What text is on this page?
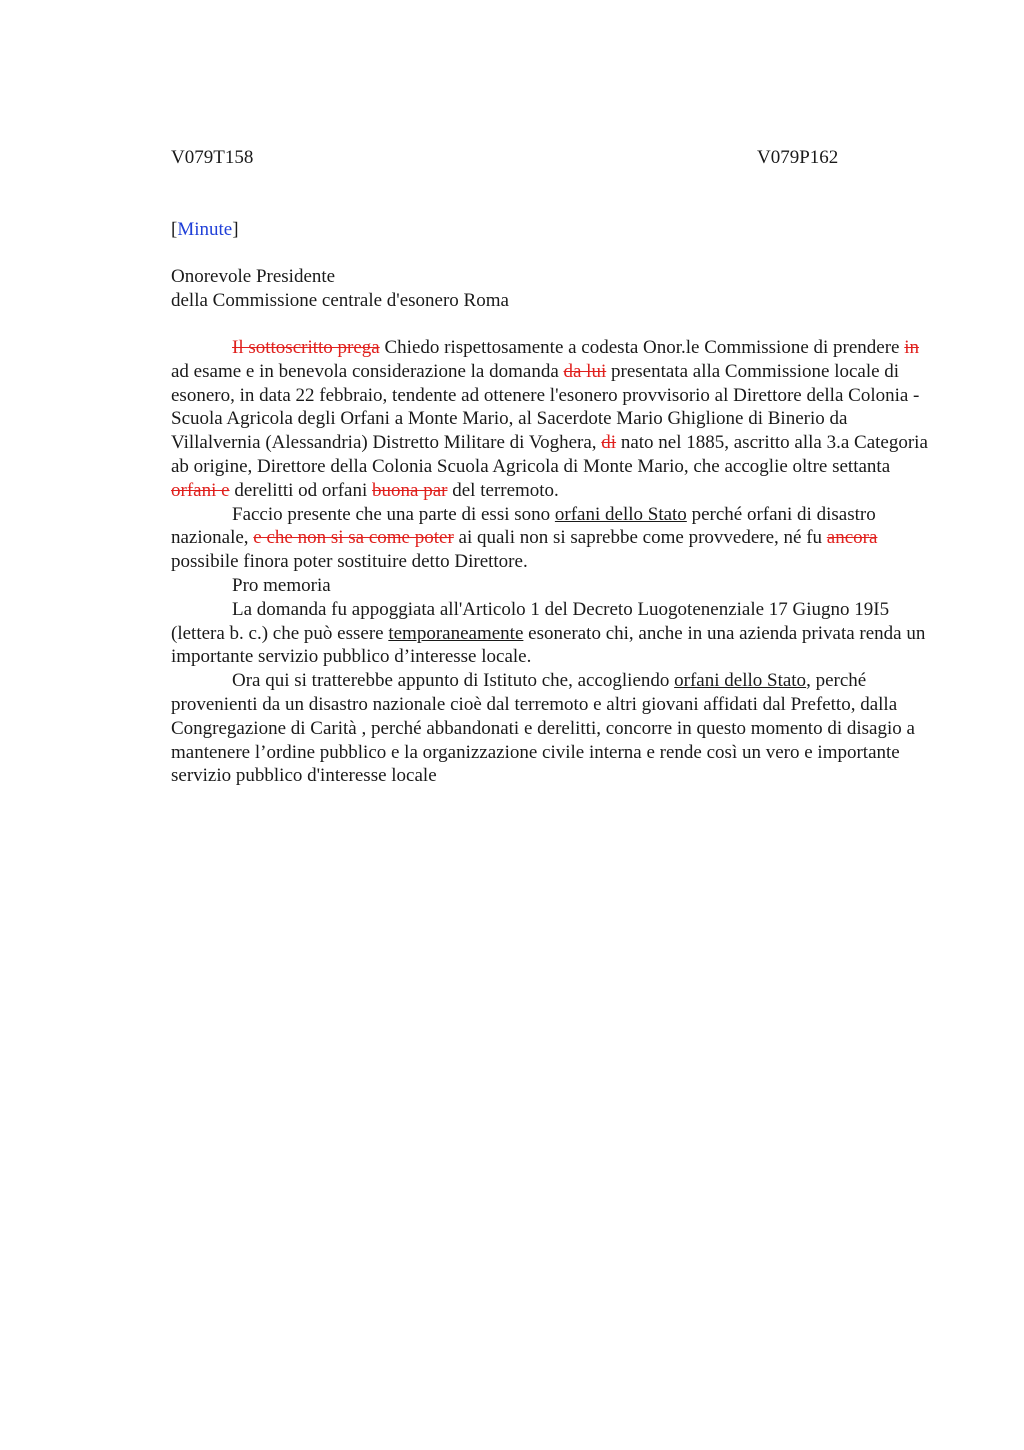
V079T158	V079P162
[Minute]
Onorevole Presidente
della Commissione centrale d'esonero Roma

Il sottoscritto prega Chiedo rispettosamente a codesta Onor.le Commissione di prendere in ad esame e in benevola considerazione la domanda da lui presentata alla Commissione locale di esonero, in data 22 febbraio, tendente ad ottenere l'esonero provvisorio al Direttore della Colonia - Scuola Agricola degli Orfani a Monte Mario, al Sacerdote Mario Ghiglione di Binerio da Villalvernia (Alessandria) Distretto Militare di Voghera, di nato nel 1885, ascritto alla 3.a Categoria ab origine, Direttore della Colonia Scuola Agricola di Monte Mario, che accoglie oltre settanta orfani e derelitti od orfani buona par del terremoto.

Faccio presente che una parte di essi sono orfani dello Stato perché orfani di disastro nazionale, e che non si sa come poter ai quali non si saprebbe come provvedere, né fu ancora possibile finora poter sostituire detto Direttore.

Pro memoria

La domanda fu appoggiata all'Articolo 1 del Decreto Luogotenenziale 17 Giugno 19I5 (lettera b. c.) che può essere temporaneamente esonerato chi, anche in una azienda privata renda un importante servizio pubblico d’interesse locale.

Ora qui si tratterebbe appunto di Istituto che, accogliendo orfani dello Stato, perché provenienti da un disastro nazionale cioè dal terremoto e altri giovani affidati dal Prefetto, dalla Congregazione di Carità , perché abbandonati e derelitti, concorre in questo momento di disagio a mantenere l’ordine pubblico e la organizzazione civile interna e rende così un vero e importante servizio pubblico d'interesse locale
